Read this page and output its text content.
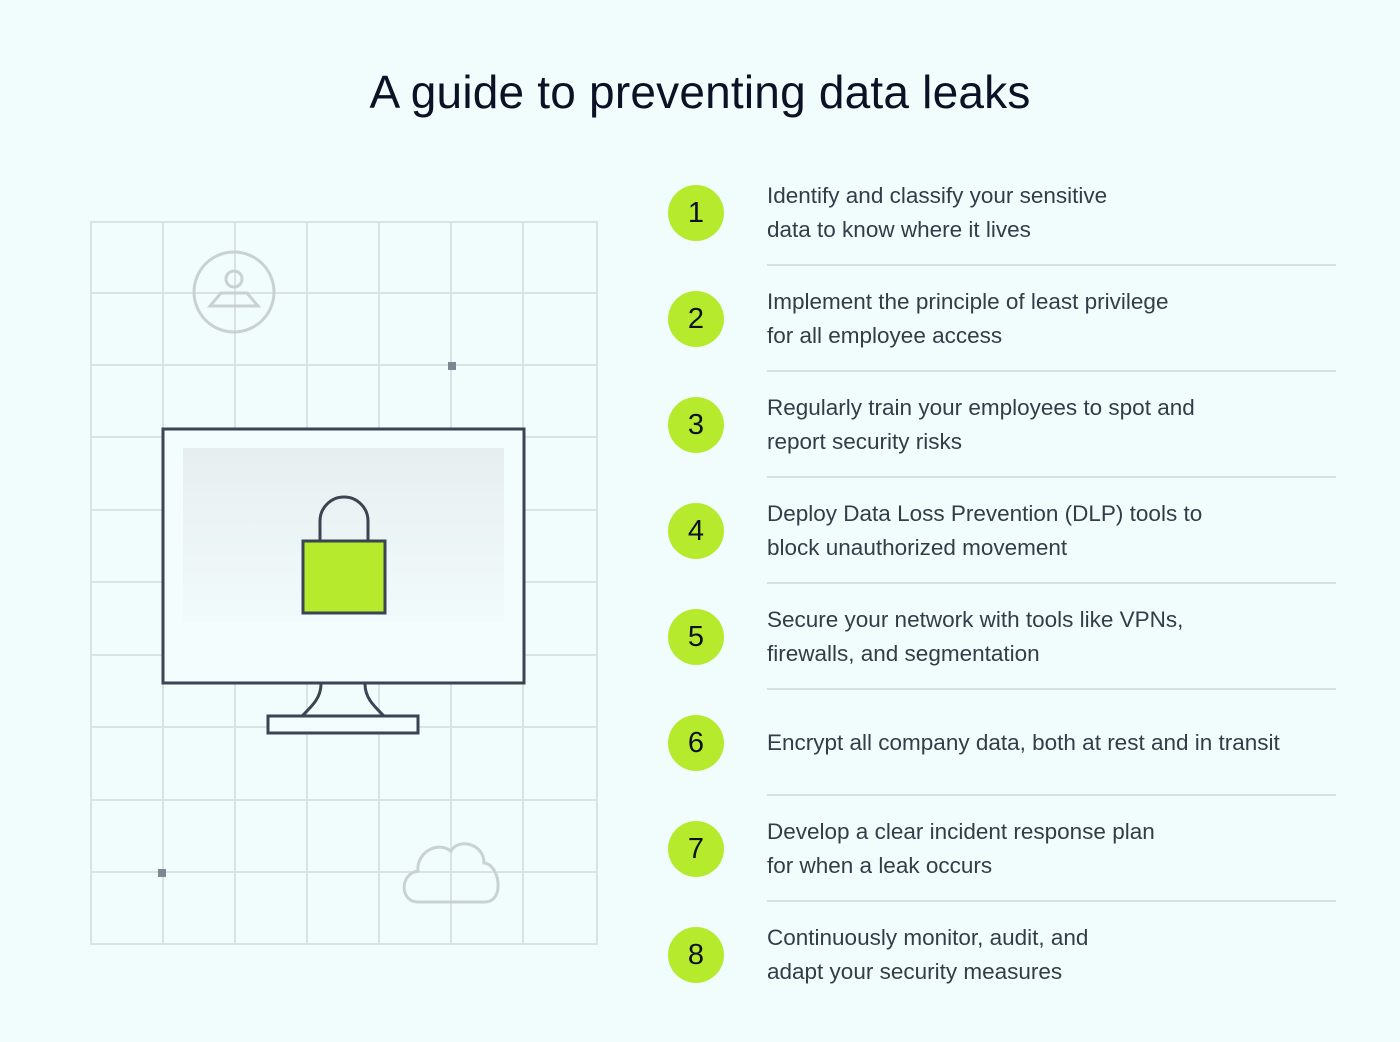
A guide to preventing data leaks
1
Identify and classify your sensitive
data to know where it lives
2
Implement the principle of least privilege
for all employee access
3
Regularly train your employees to spot and
report security risks
4
Deploy Data Loss Prevention (DLP) tools to
block unauthorized movement
5
Secure your network with tools like VPNs,
firewalls, and segmentation
6	Encrypt all company data, both at rest and in transit
7
Develop a clear incident response plan
for when a leak occurs
8
Continuously monitor, audit, and
adapt your security measures
